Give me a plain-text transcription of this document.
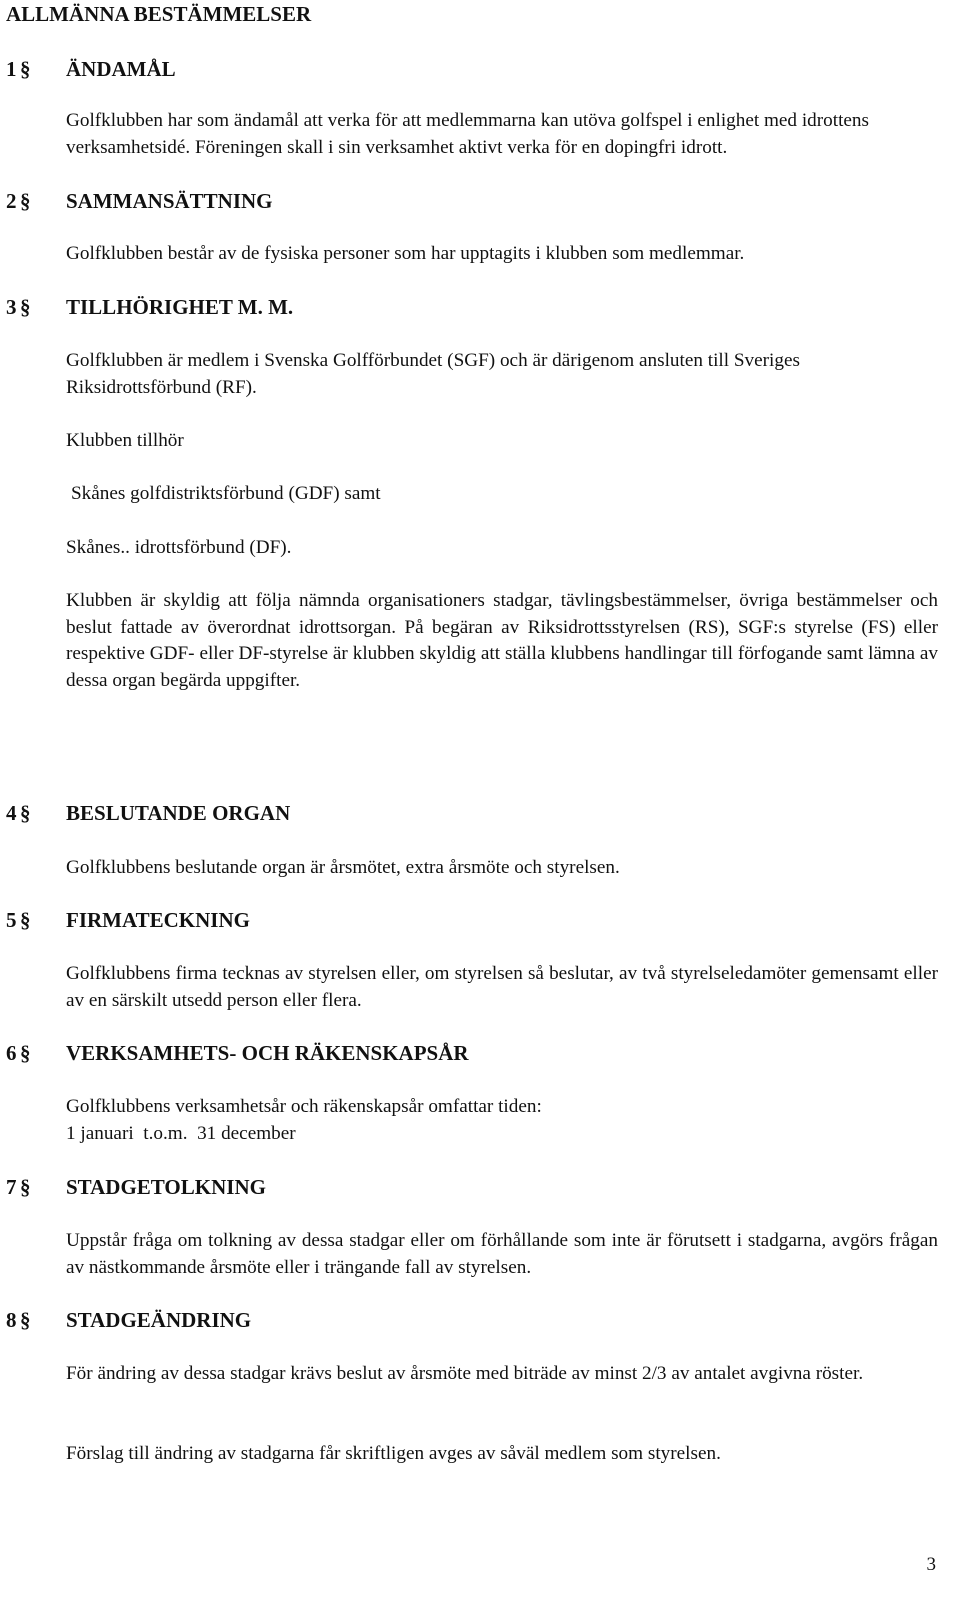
ALLMÄNNA BESTÄMMELSER
1 § ÄNDAMÅL
Golfklubben har som ändamål att verka för att medlemmarna kan utöva golfspel i enlighet med idrottens verksamhetsidé. Föreningen skall i sin verksamhet aktivt verka för en dopingfri idrott.
2 § SAMMANSÄTTNING
Golfklubben består av de fysiska personer som har upptagits i klubben som medlemmar.
3 § TILLHÖRIGHET M. M.
Golfklubben är medlem i Svenska Golfförbundet (SGF) och är därigenom ansluten till Sveriges Riksidrottsförbund (RF).
Klubben tillhör
Skånes golfdistriktsförbund (GDF) samt
Skånes.. idrottsförbund (DF).
Klubben är skyldig att följa nämnda organisationers stadgar, tävlingsbestämmelser, övriga bestämmelser och beslut fattade av överordnat idrottsorgan. På begäran av Riksidrottsstyrelsen (RS), SGF:s styrelse (FS) eller respektive GDF- eller DF-styrelse är klubben skyldig att ställa klubbens handlingar till förfogande samt lämna av dessa organ begärda uppgifter.
4 § BESLUTANDE ORGAN
Golfklubbens beslutande organ är årsmötet, extra årsmöte och styrelsen.
5 § FIRMATECKNING
Golfklubbens firma tecknas av styrelsen eller, om styrelsen så beslutar, av två styrelseledamöter gemensamt eller av en särskilt utsedd person eller flera.
6 § VERKSAMHETS- OCH RÄKENSKAPSÅR
Golfklubbens verksamhetsår och räkenskapsår omfattar tiden:
1 januari  t.o.m.  31 december
7 § STADGETOLKNING
Uppstår fråga om tolkning av dessa stadgar eller om förhållande som inte är förutsett i stadgarna, avgörs frågan av nästkommande årsmöte eller i trängande fall av styrelsen.
8 § STADGEÄNDRING
För ändring av dessa stadgar krävs beslut av årsmöte med biträde av minst 2/3 av antalet avgivna röster.
Förslag till ändring av stadgarna får skriftligen avges av såväl medlem som styrelsen.
3
